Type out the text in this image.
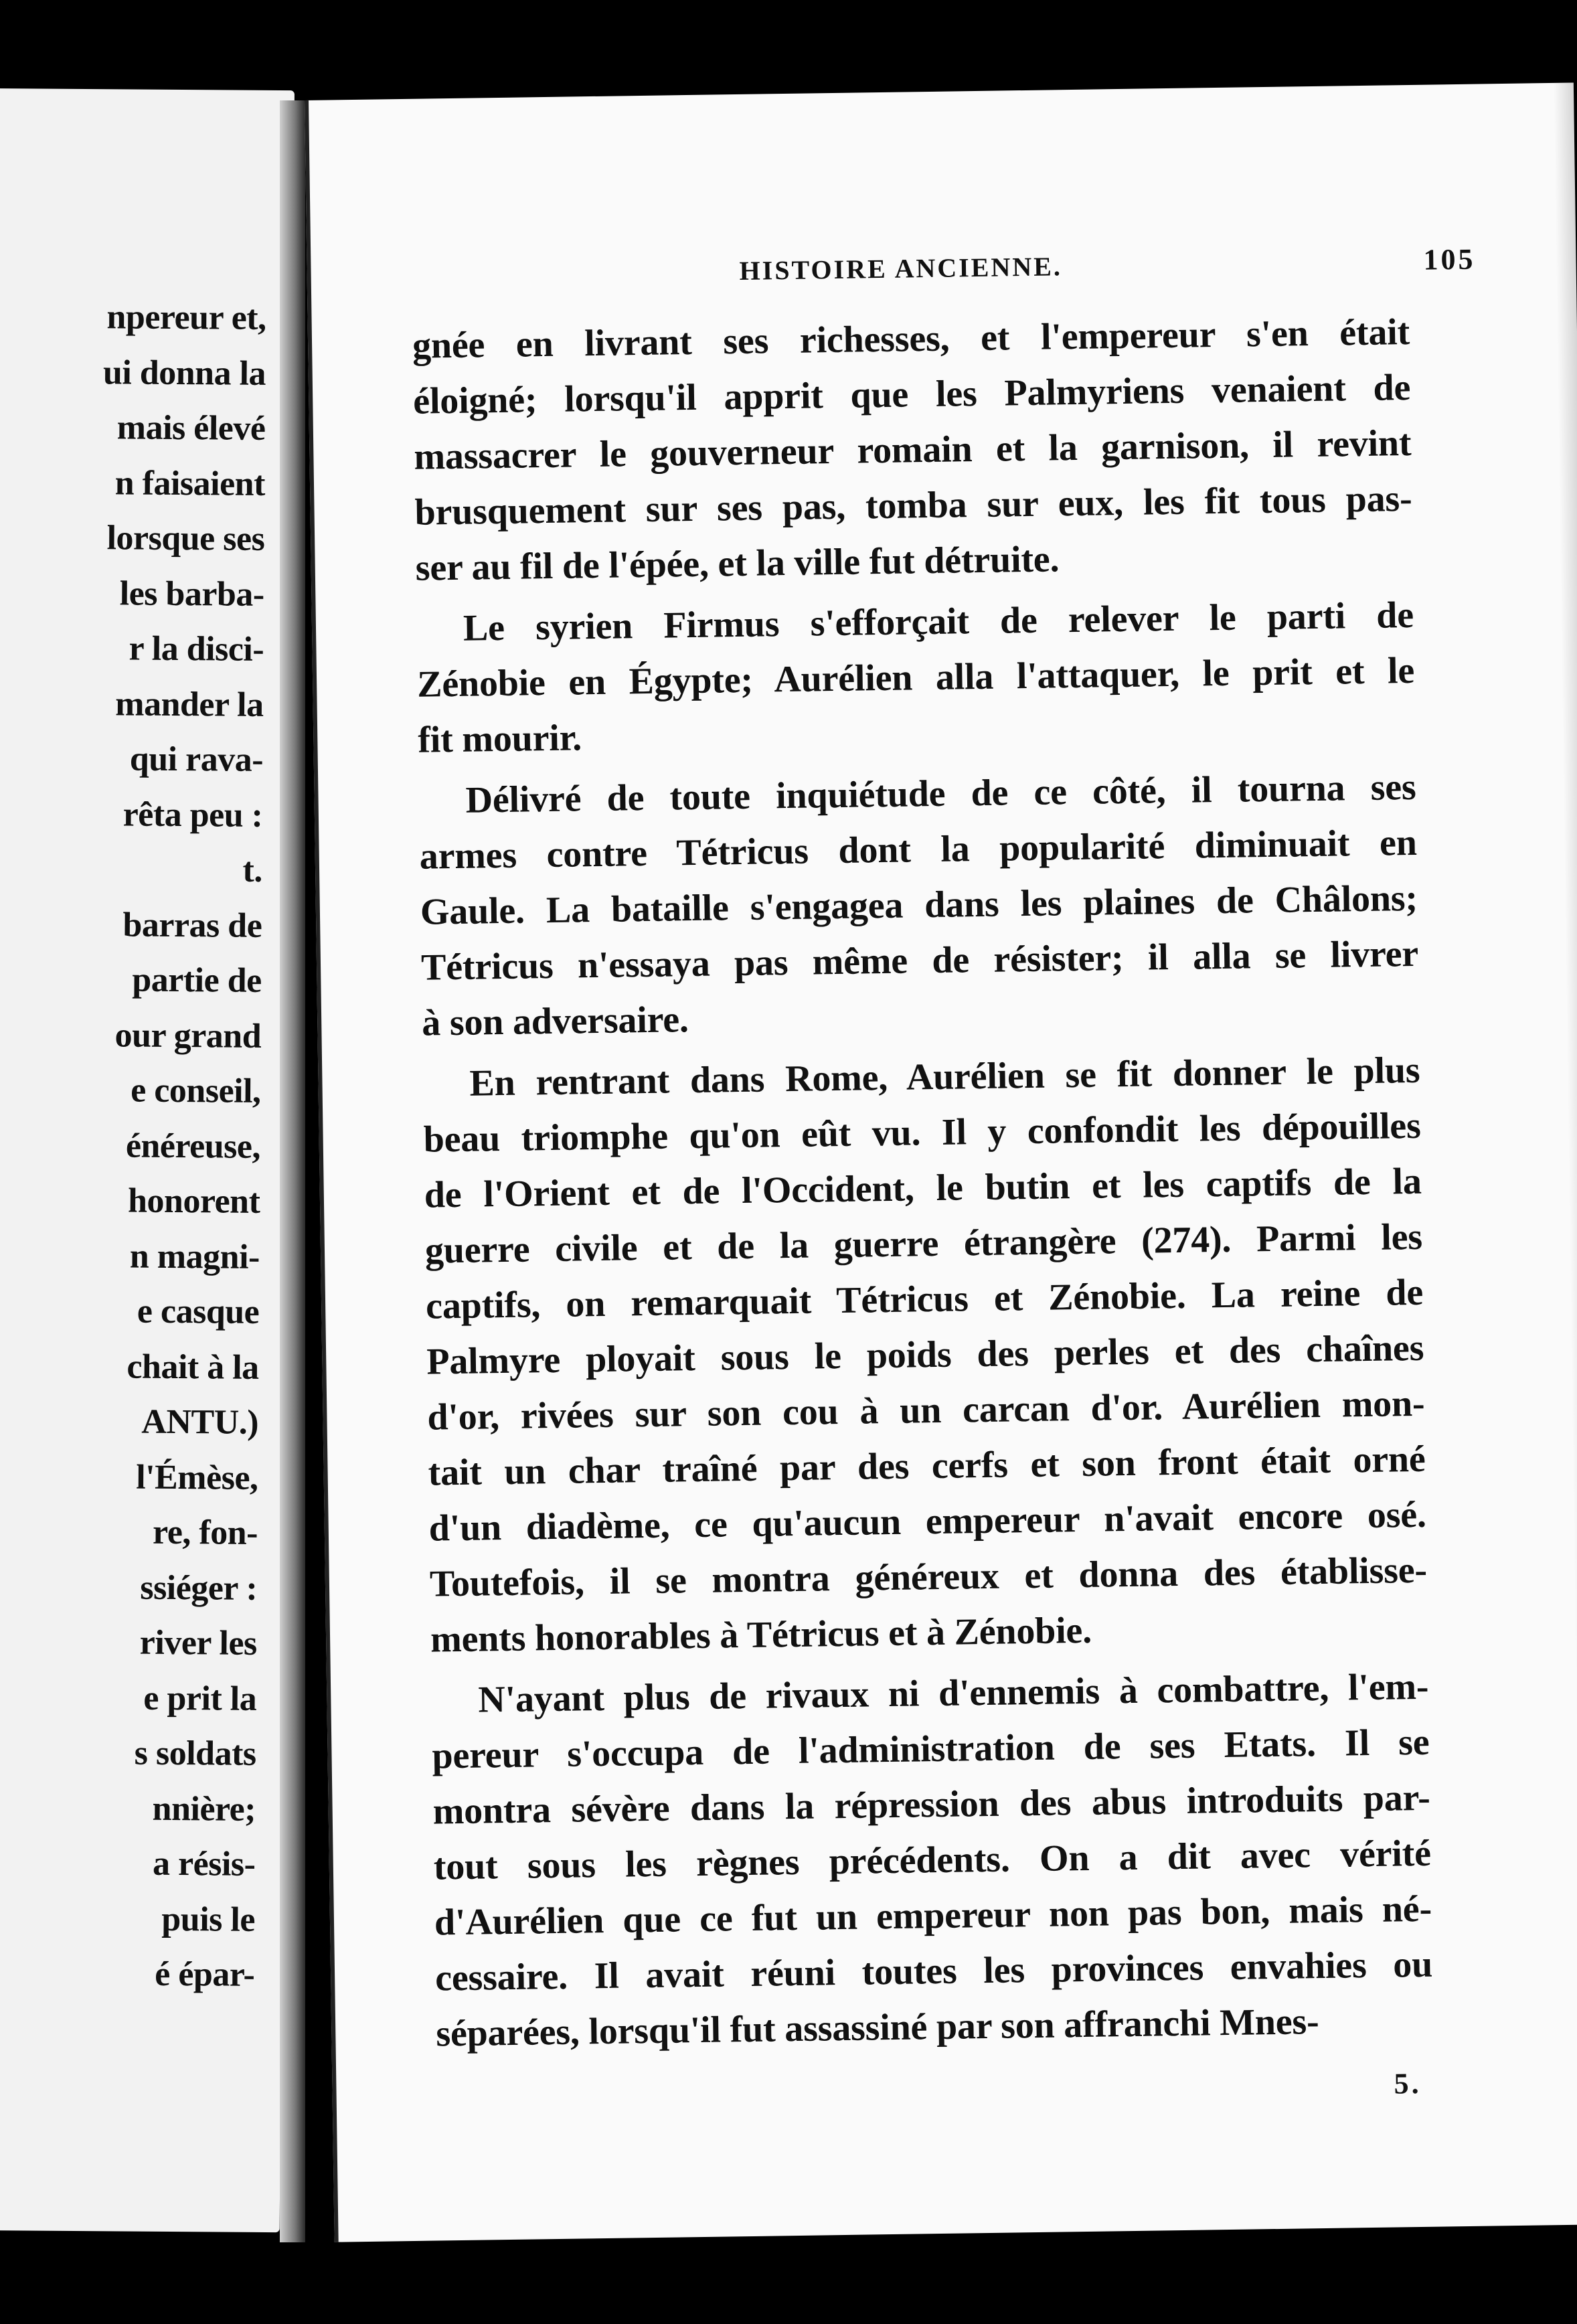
npereur et,
ui donna la
mais élevé
n faisaient
lorsque ses
les barba-
r la disci-
mander la
qui rava-
rêta peu :
t.
barras de
partie de
our grand
e conseil,
énéreuse,
honorent
n magni-
e casque
chait à la
ANTU.)
l'Émèse,
re, fon-
ssiéger :
river les
e prit la
s soldats
nnière;
a résis-
puis le
é épar-
HISTOIRE ANCIENNE.	105
gnée en livrant ses richesses, et l'empereur s'en était
éloigné; lorsqu'il apprit que les Palmyriens venaient de
massacrer le gouverneur romain et la garnison, il revint
brusquement sur ses pas, tomba sur eux, les fit tous pas-
ser au fil de l'épée, et la ville fut détruite.
Le syrien Firmus s'efforçait de relever le parti de
Zénobie en Égypte; Aurélien alla l'attaquer, le prit et le
fit mourir.
Délivré de toute inquiétude de ce côté, il tourna ses
armes contre Tétricus dont la popularité diminuait en
Gaule. La bataille s'engagea dans les plaines de Châlons;
Tétricus n'essaya pas même de résister; il alla se livrer
à son adversaire.
En rentrant dans Rome, Aurélien se fit donner le plus
beau triomphe qu'on eût vu. Il y confondit les dépouilles
de l'Orient et de l'Occident, le butin et les captifs de la
guerre civile et de la guerre étrangère (274). Parmi les
captifs, on remarquait Tétricus et Zénobie. La reine de
Palmyre ployait sous le poids des perles et des chaînes
d'or, rivées sur son cou à un carcan d'or. Aurélien mon-
tait un char traîné par des cerfs et son front était orné
d'un diadème, ce qu'aucun empereur n'avait encore osé.
Toutefois, il se montra généreux et donna des établisse-
ments honorables à Tétricus et à Zénobie.
N'ayant plus de rivaux ni d'ennemis à combattre, l'em-
pereur s'occupa de l'administration de ses Etats. Il se
montra sévère dans la répression des abus introduits par-
tout sous les règnes précédents. On a dit avec vérité
d'Aurélien que ce fut un empereur non pas bon, mais né-
cessaire. Il avait réuni toutes les provinces envahies ou
séparées, lorsqu'il fut assassiné par son affranchi Mnes-
5.
